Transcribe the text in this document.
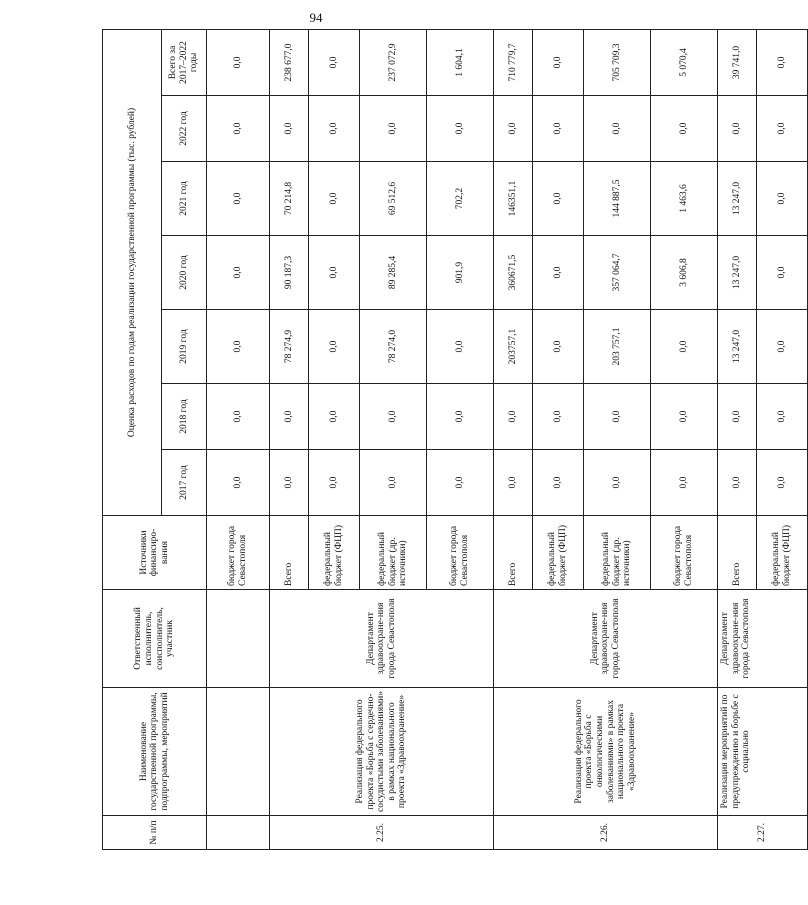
94
№ п/п	Наименование государственной программы, подпрограммы, мероприятий	Ответственный исполнитель, соисполнитель, участник	Источники финансиро-вания	Оценка расходов по годам реализации государственной программы (тыс. рублей)						
				2017 год	2018 год	2019 год	2020 год	2021 год	2022 год	Всего за 2017–2022 годы
			бюджет города Севастополя	0,0	0,0	0,0	0,0	0,0	0,0	0,0
2.25.	Реализация федерального проекта «Борьба с сердечно-сосудистыми заболеваниями» в рамках национального проекта «Здравоохранение»	Департамент здравоохране-ния города Севастополя	Всего	0,0	0,0	78 274,9	90 187,3	70 214,8	0,0	238 677,0
			федеральный бюджет (ФЦП)	0,0	0,0	0,0	0,0	0,0	0,0	0,0
			федеральный бюджет (др. источники)	0,0	0,0	78 274,0	89 285,4	69 512,6	0,0	237 072,9
			бюджет города Севастополя	0,0	0,0	0,0	901,9	702,2	0,0	1 604,1
2.26.	Реализация федерального проекта «Борьба с онкологическими заболеваниями» в рамках национального проекта «Здравоохранение»	Департамент здравоохране-ния города Севастополя	Всего	0,0	0,0	203757,1	360671,5	146351,1	0,0	710 779,7
			федеральный бюджет (ФЦП)	0,0	0,0	0,0	0,0	0,0	0,0	0,0
			федеральный бюджет (др. источники)	0,0	0,0	203 757,1	357 064,7	144 887,5	0,0	705 709,3
			бюджет города Севастополя	0,0	0,0	0,0	3 606,8	1 463,6	0,0	5 070,4
2.27.	Реализация мероприятий по предупреждению и борьбе с социально	Департамент здравоохране-ния города Севастополя	Всего	0,0	0,0	13 247,0	13 247,0	13 247,0	0,0	39 741,0
			федеральный бюджет (ФЦП)	0,0	0,0	0,0	0,0	0,0	0,0	0,0
